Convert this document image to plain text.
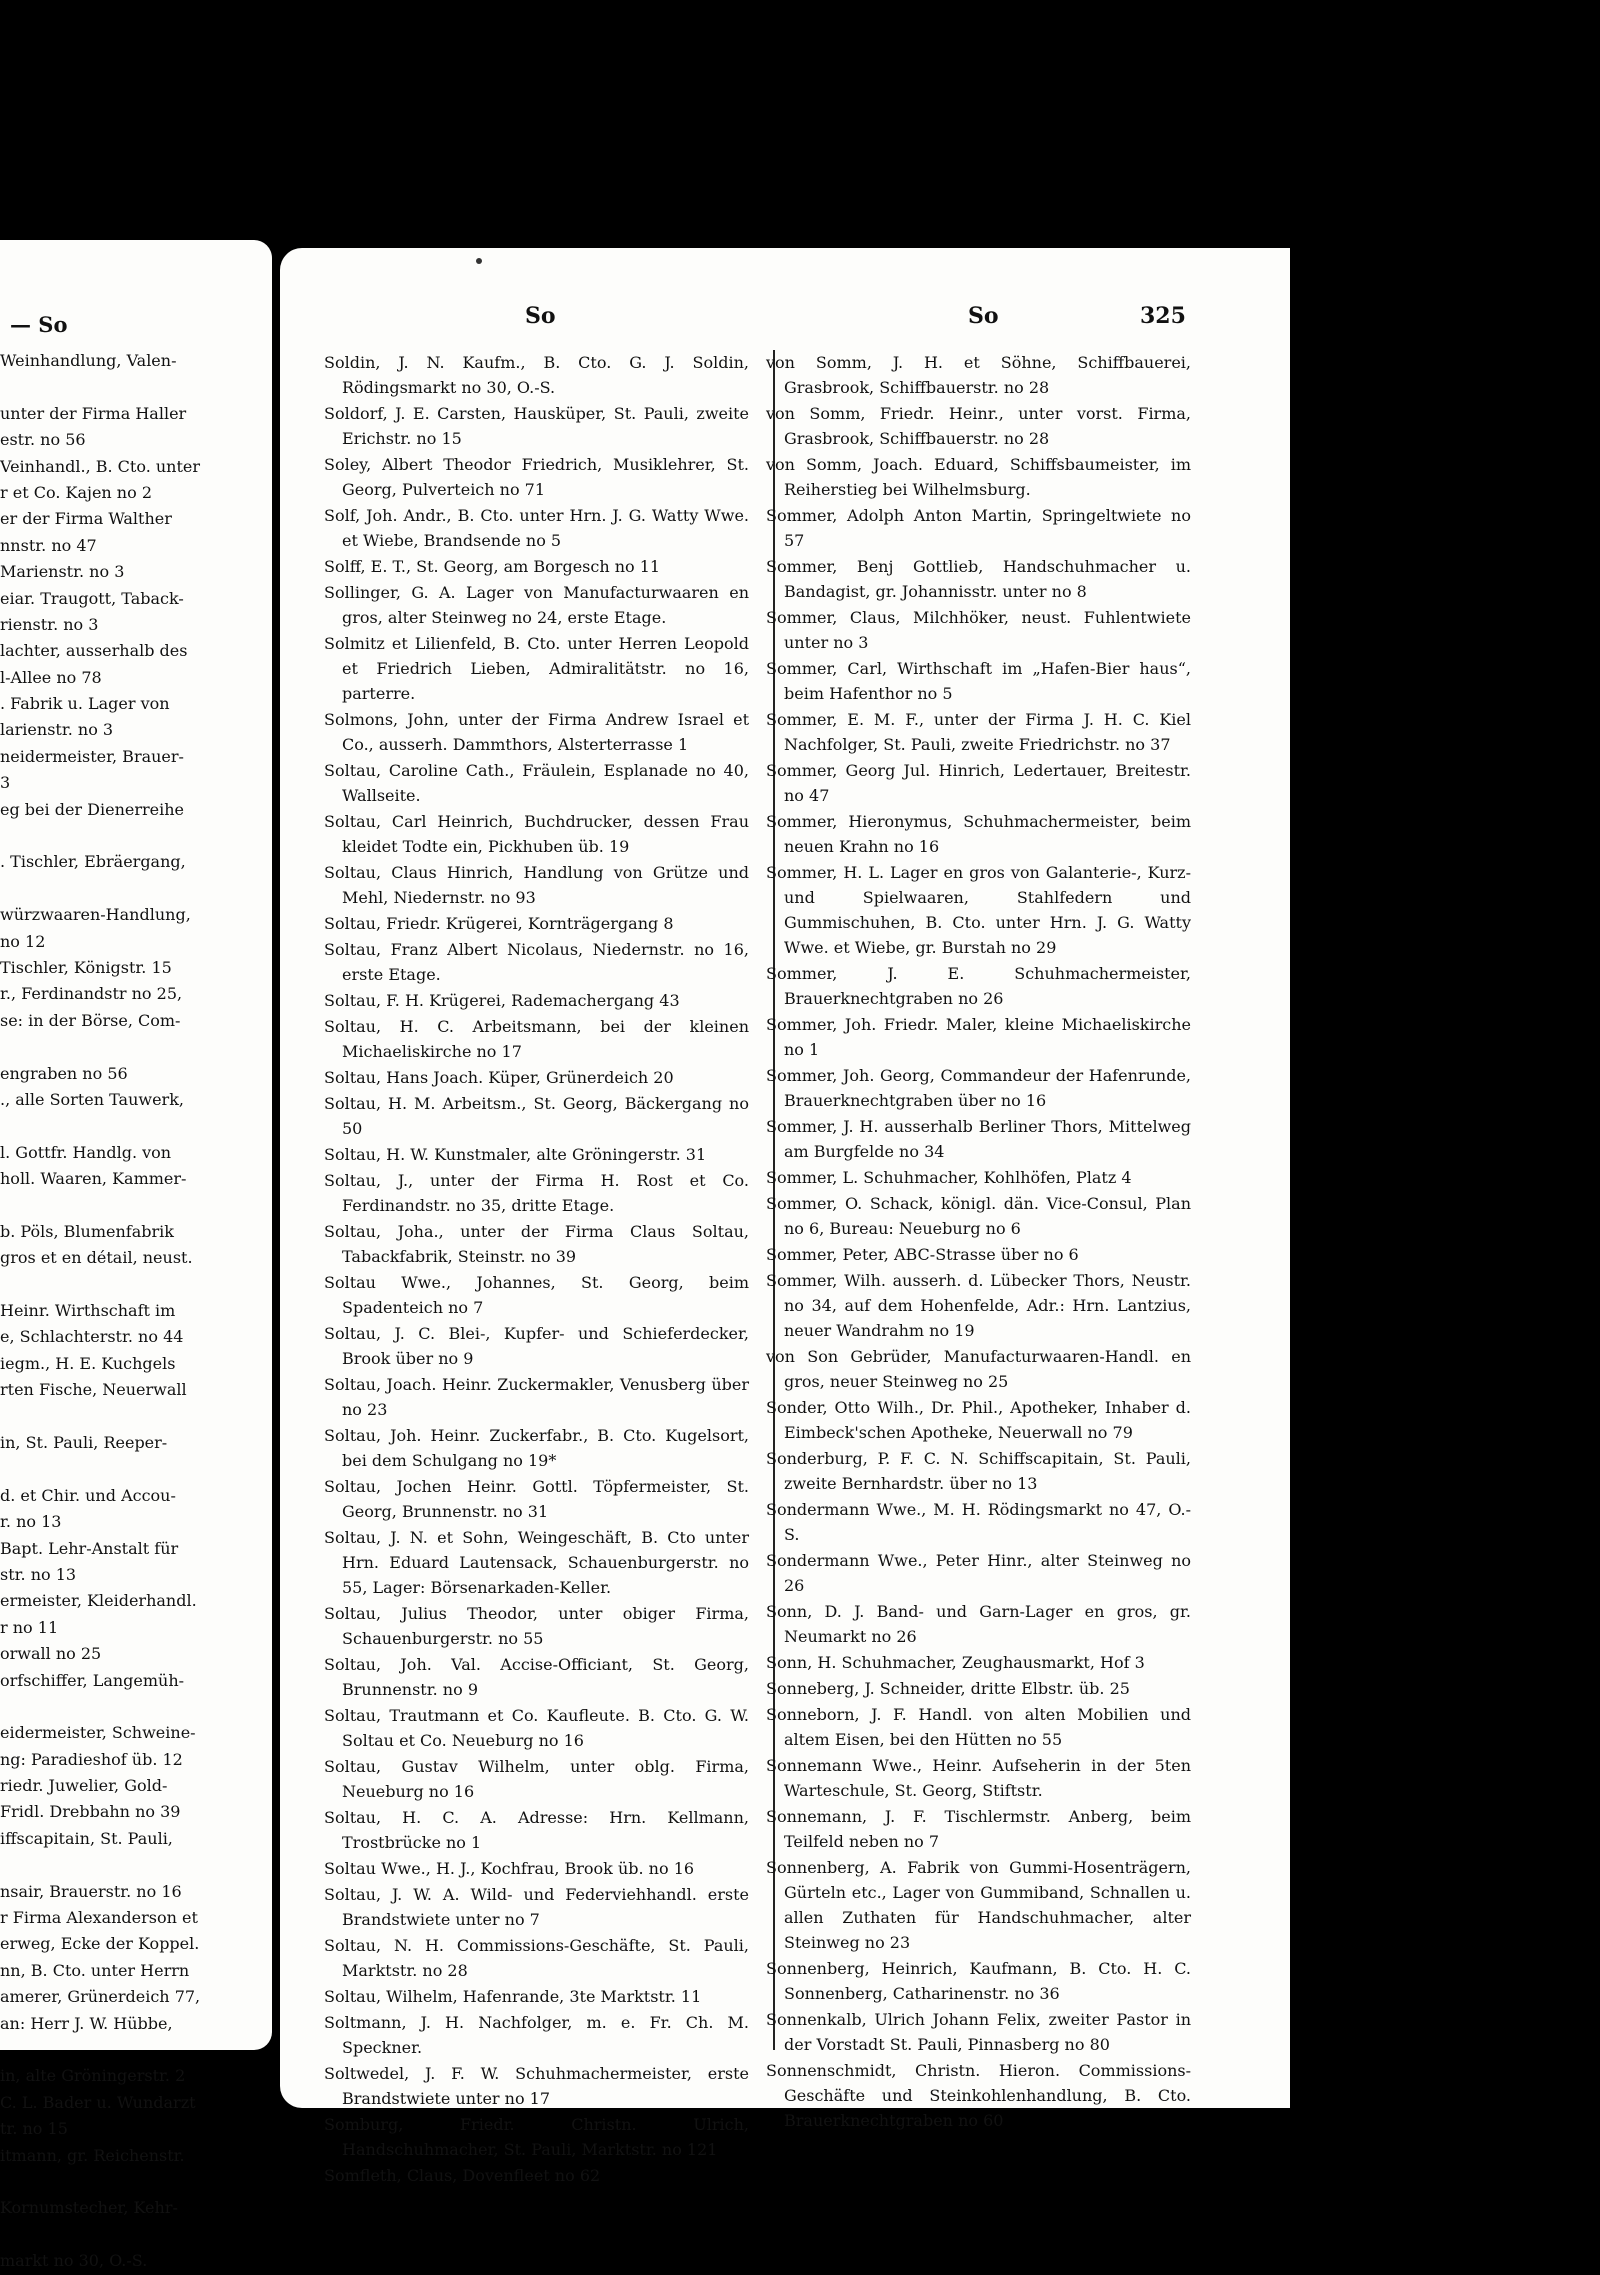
— So
Weinhandlung, Valen-
unter der Firma Haller
estr. no 56
Veinhandl., B. Cto. unter
r et Co. Kajen no 2
er der Firma Walther
nnstr. no 47
Marienstr. no 3
eiar. Traugott, Taback-
rienstr. no 3
lachter, ausserhalb des
l-Allee no 78
. Fabrik u. Lager von
larienstr. no 3
neidermeister, Brauer-
3
eg bei der Dienerreihe
. Tischler, Ebräergang,
würzwaaren-Handlung,
no 12
Tischler, Königstr. 15
r., Ferdinandstr no 25,
se: in der Börse, Com-
engraben no 56
., alle Sorten Tauwerk,
l. Gottfr. Handlg. von
holl. Waaren, Kammer-
b. Pöls, Blumenfabrik
gros et en détail, neust.
Heinr. Wirthschaft im
e, Schlachterstr. no 44
iegm., H. E. Kuchgels
rten Fische, Neuerwall
in, St. Pauli, Reeper-
d. et Chir. und Accou-
r. no 13
Bapt. Lehr-Anstalt für
str. no 13
ermeister, Kleiderhandl.
r no 11
orwall no 25
orfschiffer, Langemüh-
eidermeister, Schweine-
ng: Paradieshof üb. 12
riedr. Juwelier, Gold-
Fridl. Drebbahn no 39
iffscapitain, St. Pauli,
nsair, Brauerstr. no 16
r Firma Alexanderson et
erweg, Ecke der Koppel.
nn, B. Cto. unter Herrn
amerer, Grünerdeich 77,
an: Herr J. W. Hübbe,
in, alte Gröningerstr. 2
C. L. Bader u. Wundarzt
tr. no 15
itmann, gr. Reichenstr.
Kornumstecher, Kehr-
markt no 30, O.-S.
So	So	325
Soldin, J. N. Kaufm., B. Cto. G. J. Soldin, Rödingsmarkt no 30, O.-S.
Soldorf, J. E. Carsten, Hausküper, St. Pauli, zweite Erichstr. no 15
Soley, Albert Theodor Friedrich, Musiklehrer, St. Georg, Pulverteich no 71
Solf, Joh. Andr., B. Cto. unter Hrn. J. G. Watty Wwe. et Wiebe, Brandsende no 5
Solff, E. T., St. Georg, am Borgesch no 11
Sollinger, G. A. Lager von Manufacturwaaren en gros, alter Steinweg no 24, erste Etage.
Solmitz et Lilienfeld, B. Cto. unter Herren Leopold et Friedrich Lieben, Admiralitätstr. no 16, parterre.
Solmons, John, unter der Firma Andrew Israel et Co., ausserh. Dammthors, Alsterterrasse 1
Soltau, Caroline Cath., Fräulein, Esplanade no 40, Wallseite.
Soltau, Carl Heinrich, Buchdrucker, dessen Frau kleidet Todte ein, Pickhuben üb. 19
Soltau, Claus Hinrich, Handlung von Grütze und Mehl, Niedernstr. no 93
Soltau, Friedr. Krügerei, Kornträgergang 8
Soltau, Franz Albert Nicolaus, Niedernstr. no 16, erste Etage.
Soltau, F. H. Krügerei, Rademachergang 43
Soltau, H. C. Arbeitsmann, bei der kleinen Michaeliskirche no 17
Soltau, Hans Joach. Küper, Grünerdeich 20
Soltau, H. M. Arbeitsm., St. Georg, Bäckergang no 50
Soltau, H. W. Kunstmaler, alte Gröningerstr. 31
Soltau, J., unter der Firma H. Rost et Co. Ferdinandstr. no 35, dritte Etage.
Soltau, Joha., unter der Firma Claus Soltau, Tabackfabrik, Steinstr. no 39
Soltau Wwe., Johannes, St. Georg, beim Spadenteich no 7
Soltau, J. C. Blei-, Kupfer- und Schieferdecker, Brook über no 9
Soltau, Joach. Heinr. Zuckermakler, Venusberg über no 23
Soltau, Joh. Heinr. Zuckerfabr., B. Cto. Kugelsort, bei dem Schulgang no 19*
Soltau, Jochen Heinr. Gottl. Töpfermeister, St. Georg, Brunnenstr. no 31
Soltau, J. N. et Sohn, Weingeschäft, B. Cto unter Hrn. Eduard Lautensack, Schauenburgerstr. no 55, Lager: Börsenarkaden-Keller.
Soltau, Julius Theodor, unter obiger Firma, Schauenburgerstr. no 55
Soltau, Joh. Val. Accise-Officiant, St. Georg, Brunnenstr. no 9
Soltau, Trautmann et Co. Kaufleute. B. Cto. G. W. Soltau et Co. Neueburg no 16
Soltau, Gustav Wilhelm, unter oblg. Firma, Neueburg no 16
Soltau, H. C. A. Adresse: Hrn. Kellmann, Trostbrücke no 1
Soltau Wwe., H. J., Kochfrau, Brook üb. no 16
Soltau, J. W. A. Wild- und Federviehhandl. erste Brandstwiete unter no 7
Soltau, N. H. Commissions-Geschäfte, St. Pauli, Marktstr. no 28
Soltau, Wilhelm, Hafenrande, 3te Marktstr. 11
Soltmann, J. H. Nachfolger, m. e. Fr. Ch. M. Speckner.
Soltwedel, J. F. W. Schuhmachermeister, erste Brandstwiete unter no 17
Somburg, Friedr. Christn. Ulrich, Handschuhmacher, St. Pauli, Marktstr. no 121
Somfleth, Claus, Dovenfleet no 62
von Somm, J. H. et Söhne, Schiffbauerei, Grasbrook, Schiffbauerstr. no 28
von Somm, Friedr. Heinr., unter vorst. Firma, Grasbrook, Schiffbauerstr. no 28
von Somm, Joach. Eduard, Schiffsbaumeister, im Reiherstieg bei Wilhelmsburg.
Sommer, Adolph Anton Martin, Springeltwiete no 57
Sommer, Benj Gottlieb, Handschuhmacher u. Bandagist, gr. Johannisstr. unter no 8
Sommer, Claus, Milchhöker, neust. Fuhlentwiete unter no 3
Sommer, Carl, Wirthschaft im „Hafen-Bier haus“, beim Hafenthor no 5
Sommer, E. M. F., unter der Firma J. H. C. Kiel Nachfolger, St. Pauli, zweite Friedrichstr. no 37
Sommer, Georg Jul. Hinrich, Ledertauer, Breitestr. no 47
Sommer, Hieronymus, Schuhmachermeister, beim neuen Krahn no 16
Sommer, H. L. Lager en gros von Galanterie-, Kurz- und Spielwaaren, Stahlfedern und Gummischuhen, B. Cto. unter Hrn. J. G. Watty Wwe. et Wiebe, gr. Burstah no 29
Sommer, J. E. Schuhmachermeister, Brauerknechtgraben no 26
Sommer, Joh. Friedr. Maler, kleine Michaeliskirche no 1
Sommer, Joh. Georg, Commandeur der Hafenrunde, Brauerknechtgraben über no 16
Sommer, J. H. ausserhalb Berliner Thors, Mittelweg am Burgfelde no 34
Sommer, L. Schuhmacher, Kohlhöfen, Platz 4
Sommer, O. Schack, königl. dän. Vice-Consul, Plan no 6, Bureau: Neueburg no 6
Sommer, Peter, ABC-Strasse über no 6
Sommer, Wilh. ausserh. d. Lübecker Thors, Neustr. no 34, auf dem Hohenfelde, Adr.: Hrn. Lantzius, neuer Wandrahm no 19
von Son Gebrüder, Manufacturwaaren-Handl. en gros, neuer Steinweg no 25
Sonder, Otto Wilh., Dr. Phil., Apotheker, Inhaber d. Eimbeck'schen Apotheke, Neuerwall no 79
Sonderburg, P. F. C. N. Schiffscapitain, St. Pauli, zweite Bernhardstr. über no 13
Sondermann Wwe., M. H. Rödingsmarkt no 47, O.-S.
Sondermann Wwe., Peter Hinr., alter Steinweg no 26
Sonn, D. J. Band- und Garn-Lager en gros, gr. Neumarkt no 26
Sonn, H. Schuhmacher, Zeughausmarkt, Hof 3
Sonneberg, J. Schneider, dritte Elbstr. üb. 25
Sonneborn, J. F. Handl. von alten Mobilien und altem Eisen, bei den Hütten no 55
Sonnemann Wwe., Heinr. Aufseherin in der 5ten Warteschule, St. Georg, Stiftstr.
Sonnemann, J. F. Tischlermstr. Anberg, beim Teilfeld neben no 7
Sonnenberg, A. Fabrik von Gummi-Hosenträgern, Gürteln etc., Lager von Gummiband, Schnallen u. allen Zuthaten für Handschuhmacher, alter Steinweg no 23
Sonnenberg, Heinrich, Kaufmann, B. Cto. H. C. Sonnenberg, Catharinenstr. no 36
Sonnenkalb, Ulrich Johann Felix, zweiter Pastor in der Vorstadt St. Pauli, Pinnasberg no 80
Sonnenschmidt, Christn. Hieron. Commissions-Geschäfte und Steinkohlenhandlung, B. Cto. Brauerknechtgraben no 60
